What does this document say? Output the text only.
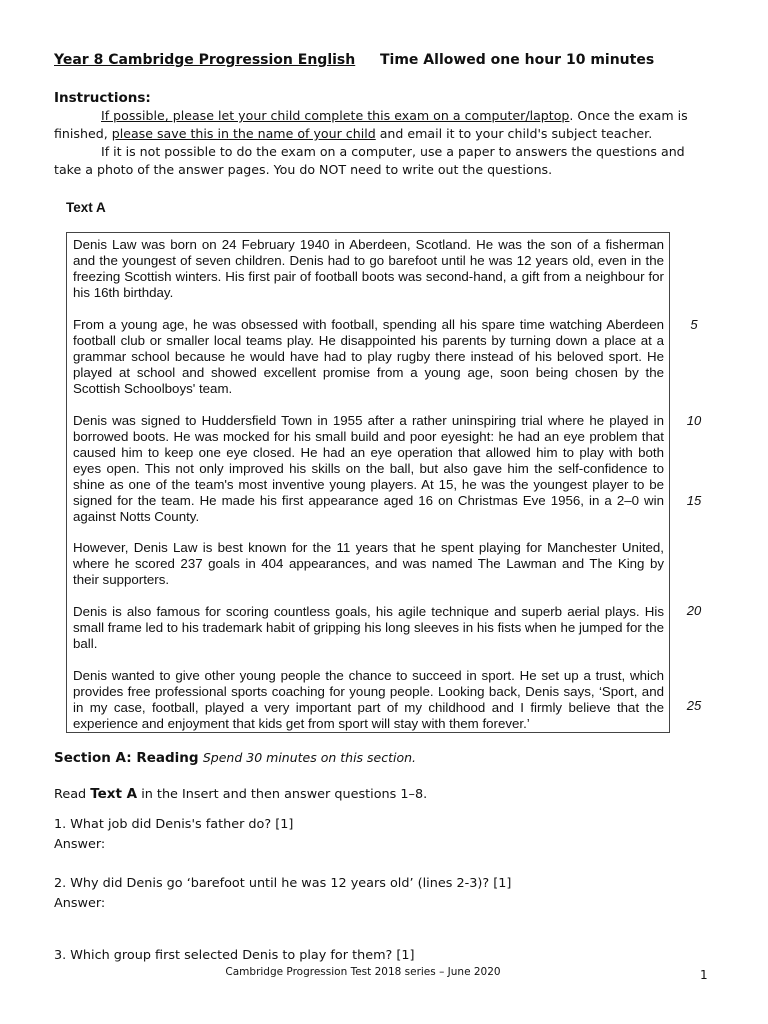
Year 8 Cambridge Progression English Time Allowed one hour 10 minutes
Instructions:

If possible, please let your child complete this exam on a computer/laptop. Once the exam is finished, please save this in the name of your child and email it to your child's subject teacher.

If it is not possible to do the exam on a computer, use a paper to answers the questions and take a photo of the answer pages. You do NOT need to write out the questions.

Text A

Denis Law was born on 24 February 1940 in Aberdeen, Scotland. He was the son of a fisherman and the youngest of seven children. Denis had to go barefoot until he was 12 years old, even in the freezing Scottish winters. His first pair of football boots was second-hand, a gift from a neighbour for his 16th birthday.

From a young age, he was obsessed with football, spending all his spare time watching Aberdeen football club or smaller local teams play. He disappointed his parents by turning down a place at a grammar school because he would have had to play rugby there instead of his beloved sport. He played at school and showed excellent promise from a young age, soon being chosen by the Scottish Schoolboys' team.

Denis was signed to Huddersfield Town in 1955 after a rather uninspiring trial where he played in borrowed boots. He was mocked for his small build and poor eyesight: he had an eye problem that caused him to keep one eye closed. He had an eye operation that allowed him to play with both eyes open. This not only improved his skills on the ball, but also gave him the self-confidence to shine as one of the team's most inventive young players. At 15, he was the youngest player to be signed for the team. He made his first appearance aged 16 on Christmas Eve 1956, in a 2–0 win against Notts County.

However, Denis Law is best known for the 11 years that he spent playing for Manchester United, where he scored 237 goals in 404 appearances, and was named The Lawman and The King by their supporters.

Denis is also famous for scoring countless goals, his agile technique and superb aerial plays. His small frame led to his trademark habit of gripping his long sleeves in his fists when he jumped for the ball.

Denis wanted to give other young people the chance to succeed in sport. He set up a trust, which provides free professional sports coaching for young people. Looking back, Denis says, ‘Sport, and in my case, football, played a very important part of my childhood and I firmly believe that the experience and enjoyment that kids get from sport will stay with them forever.’

5
10
15
20
25
Section A: Reading Spend 30 minutes on this section.
Read Text A in the Insert and then answer questions 1–8.
1. What job did Denis's father do? [1]
Answer:
2. Why did Denis go ‘barefoot until he was 12 years old’ (lines 2-3)? [1]
Answer:
3. Which group first selected Denis to play for them? [1]
Cambridge Progression Test 2018 series – June 2020	1
